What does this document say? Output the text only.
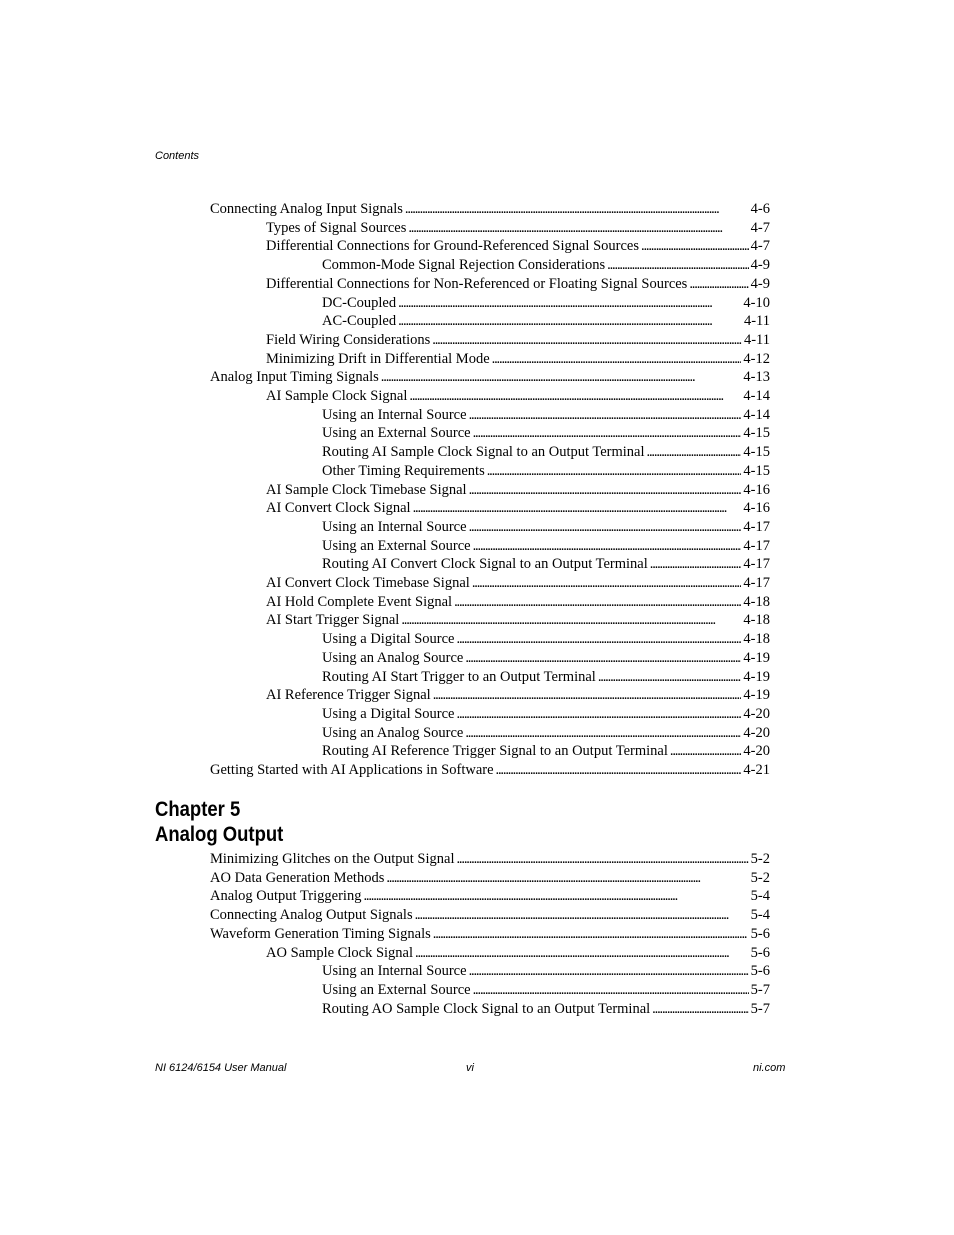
Contents
Connecting Analog Input Signals . . .	4-6
Types of Signal Sources . . .	4-7
Differential Connections for Ground-Referenced Signal Sources . . .	4-7
Common-Mode Signal Rejection Considerations . . .	4-9
Differential Connections for Non-Referenced or Floating Signal Sources . . .	4-9
DC-Coupled . . .	4-10
AC-Coupled . . .	4-11
Field Wiring Considerations . . .	4-11
Minimizing Drift in Differential Mode . . .	4-12
Analog Input Timing Signals . . .	4-13
AI Sample Clock Signal . . .	4-14
Using an Internal Source . . .	4-14
Using an External Source . . .	4-15
Routing AI Sample Clock Signal to an Output Terminal . . .	4-15
Other Timing Requirements . . .	4-15
AI Sample Clock Timebase Signal . . .	4-16
AI Convert Clock Signal . . .	4-16
Using an Internal Source . . .	4-17
Using an External Source . . .	4-17
Routing AI Convert Clock Signal to an Output Terminal . . .	4-17
AI Convert Clock Timebase Signal . . .	4-17
AI Hold Complete Event Signal . . .	4-18
AI Start Trigger Signal . . .	4-18
Using a Digital Source . . .	4-18
Using an Analog Source . . .	4-19
Routing AI Start Trigger to an Output Terminal . . .	4-19
AI Reference Trigger Signal . . .	4-19
Using a Digital Source . . .	4-20
Using an Analog Source . . .	4-20
Routing AI Reference Trigger Signal to an Output Terminal . . .	4-20
Getting Started with AI Applications in Software . . .	4-21
Chapter 5
Analog Output
Minimizing Glitches on the Output Signal . . .	5-2
AO Data Generation Methods . . .	5-2
Analog Output Triggering . . .	5-4
Connecting Analog Output Signals . . .	5-4
Waveform Generation Timing Signals . . .	5-6
AO Sample Clock Signal . . .	5-6
Using an Internal Source . . .	5-6
Using an External Source . . .	5-7
Routing AO Sample Clock Signal to an Output Terminal . . .	5-7
NI 6124/6154 User Manual	vi	ni.com
